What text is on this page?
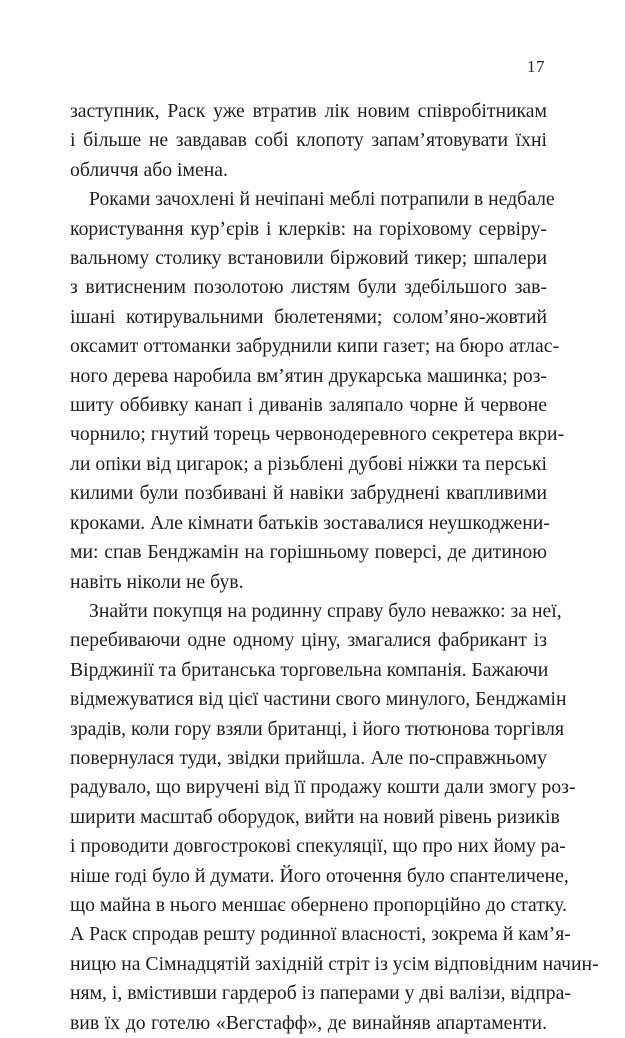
17

заступник, Раск уже втратив лік новим співробітникам
і більше не завдавав собі клопоту запам’ятовувати їхні
обличчя або імена.

Роками зачохлені й нечіпані меблі потрапили в недбале
користування кур’єрів і клерків: на горіховому сервіру-
вальному столику встановили біржовий тикер; шпалери
з витисненим позолотою листям були здебільшого зав-
ішані котирувальними бюлетенями; солом’яно-жовтий
оксамит оттоманки забруднили кипи газет; на бюро атлас-
ного дерева наробила вм’ятин друкарська машинка; роз-
шиту оббивку канап і диванів заляпало чорне й червоне
чорнило; гнутий торець червонодеревного секретера вкри-
ли опіки від цигарок; а різьблені дубові ніжки та перські
килими були позбивані й навіки забруднені квапливими
кроками. Але кімнати батьків зоставалися неушкоджени-
ми: спав Бенджамін на горішньому поверсі, де дитиною
навіть ніколи не був.

Знайти покупця на родинну справу було неважко: за неї,
перебиваючи одне одному ціну, змагалися фабрикант із
Вірджинії та британська торговельна компанія. Бажаючи
відмежуватися від цієї частини свого минулого, Бенджамін
зрадів, коли гору взяли британці, і його тютюнова торгівля
повернулася туди, звідки прийшла. Але по-справжньому
радувало, що виручені від її продажу кошти дали змогу роз-
ширити масштаб оборудок, вийти на новий рівень ризиків
і проводити довгострокові спекуляції, що про них йому ра-
ніше годі було й думати. Його оточення було спантеличене,
що майна в нього меншає обернено пропорційно до статку.
А Раск спродав решту родинної власності, зокрема й кам’я-
ницю на Сімнадцятій західній стріт із усім відповідним начин-
ням, і, вмістивши гардероб із паперами у дві валізи, відпра-
вив їх до готелю «Вегстафф», де винайняв апартаменти.
